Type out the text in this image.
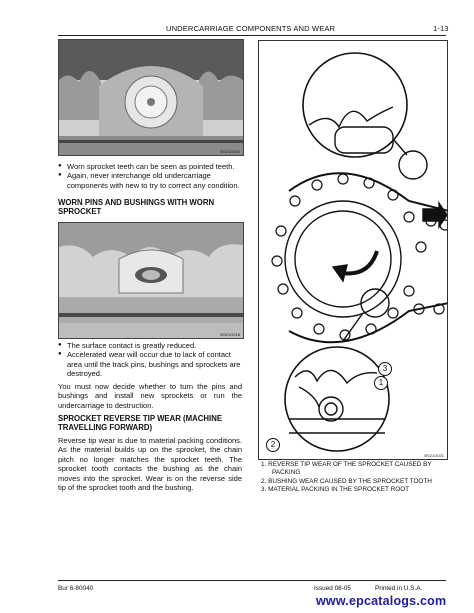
UNDERCARRIAGE COMPONENTS AND WEAR	1-13
BS21G020
● Worn sprocket teeth can be seen as pointed teeth.
● Again, never interchange old undercarriage components with new to try to correct any condition.
WORN PINS AND BUSHINGS WITH WORN SPROCKET
BS21G018
● The surface contact is greatly reduced.
● Accelerated wear will occur due to lack of contact area until the track pins, bushings and sprockets are destroyed.
You must now decide whether to turn the pins and bushings and install new sprockets or run the undercarriage to destruction.
SPROCKET REVERSE TIP WEAR (MACHINE TRAVELLING FORWARD)
Reverse tip wear is due to material packing conditions. As the material builds up on the sprocket, the chain pitch no longer matches the sprocket teeth. The sprocket tooth contacts the bushing as the chain moves into the sprocket. Wear is on the reverse side tip of the sprocket tooth and the bushing.
1
3
2
BS21G021
1. REVERSE TIP WEAR OF THE SPROCKET CAUSED BY PACKING
2. BUSHING WEAR CAUSED BY THE SPROCKET TOOTH
3. MATERIAL PACKING IN THE SPROCKET ROOT
Bur 6-80040	Issued 08-05	Printed in U.S.A.
www.epcatalogs.com
